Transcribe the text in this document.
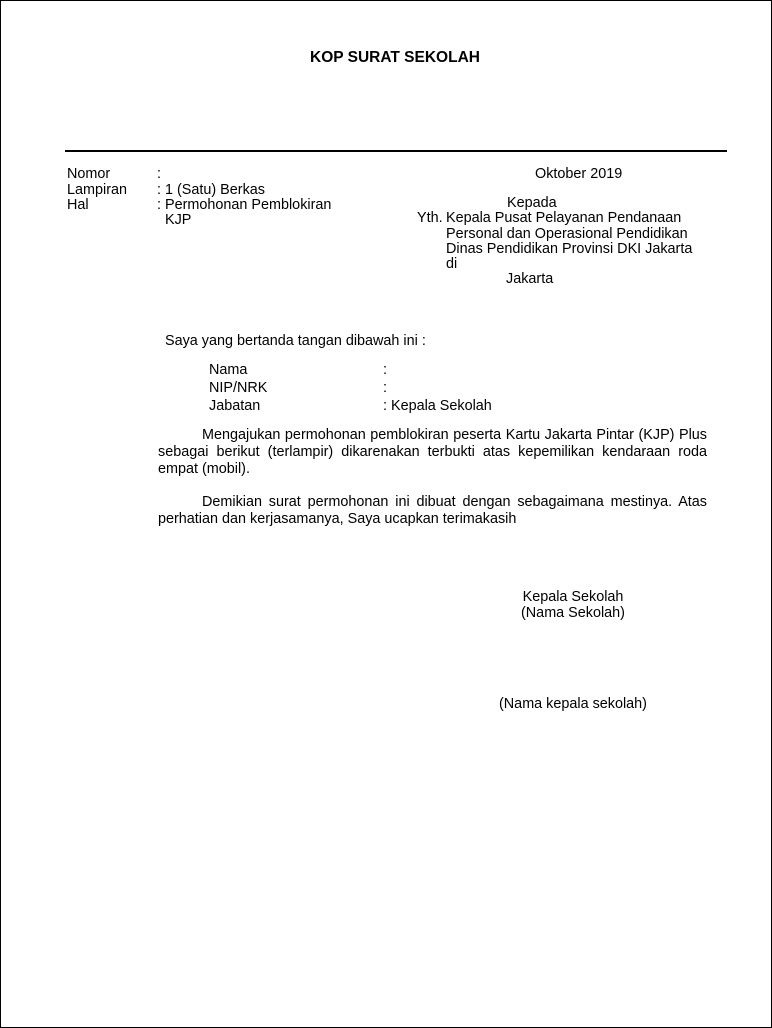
KOP SURAT SEKOLAH
Nomor	:
Lampiran : 1 (Satu) Berkas
Hal	: Permohonan Pemblokiran
KJP
Oktober 2019
Kepada
Yth. Kepala Pusat Pelayanan Pendanaan
Personal dan Operasional Pendidikan
Dinas Pendidikan Provinsi DKI Jakarta
di
Jakarta
Saya yang bertanda tangan dibawah ini :
Nama	:
NIP/NRK	:
Jabatan	: Kepala Sekolah

Mengajukan permohonan pemblokiran peserta Kartu Jakarta Pintar (KJP) Plus sebagai berikut (terlampir) dikarenakan terbukti atas kepemilikan kendaraan roda empat (mobil).

Demikian surat permohonan ini dibuat dengan sebagaimana mestinya. Atas perhatian dan kerjasamanya, Saya ucapkan terimakasih

Kepala Sekolah
(Nama Sekolah)
(Nama kepala sekolah)
